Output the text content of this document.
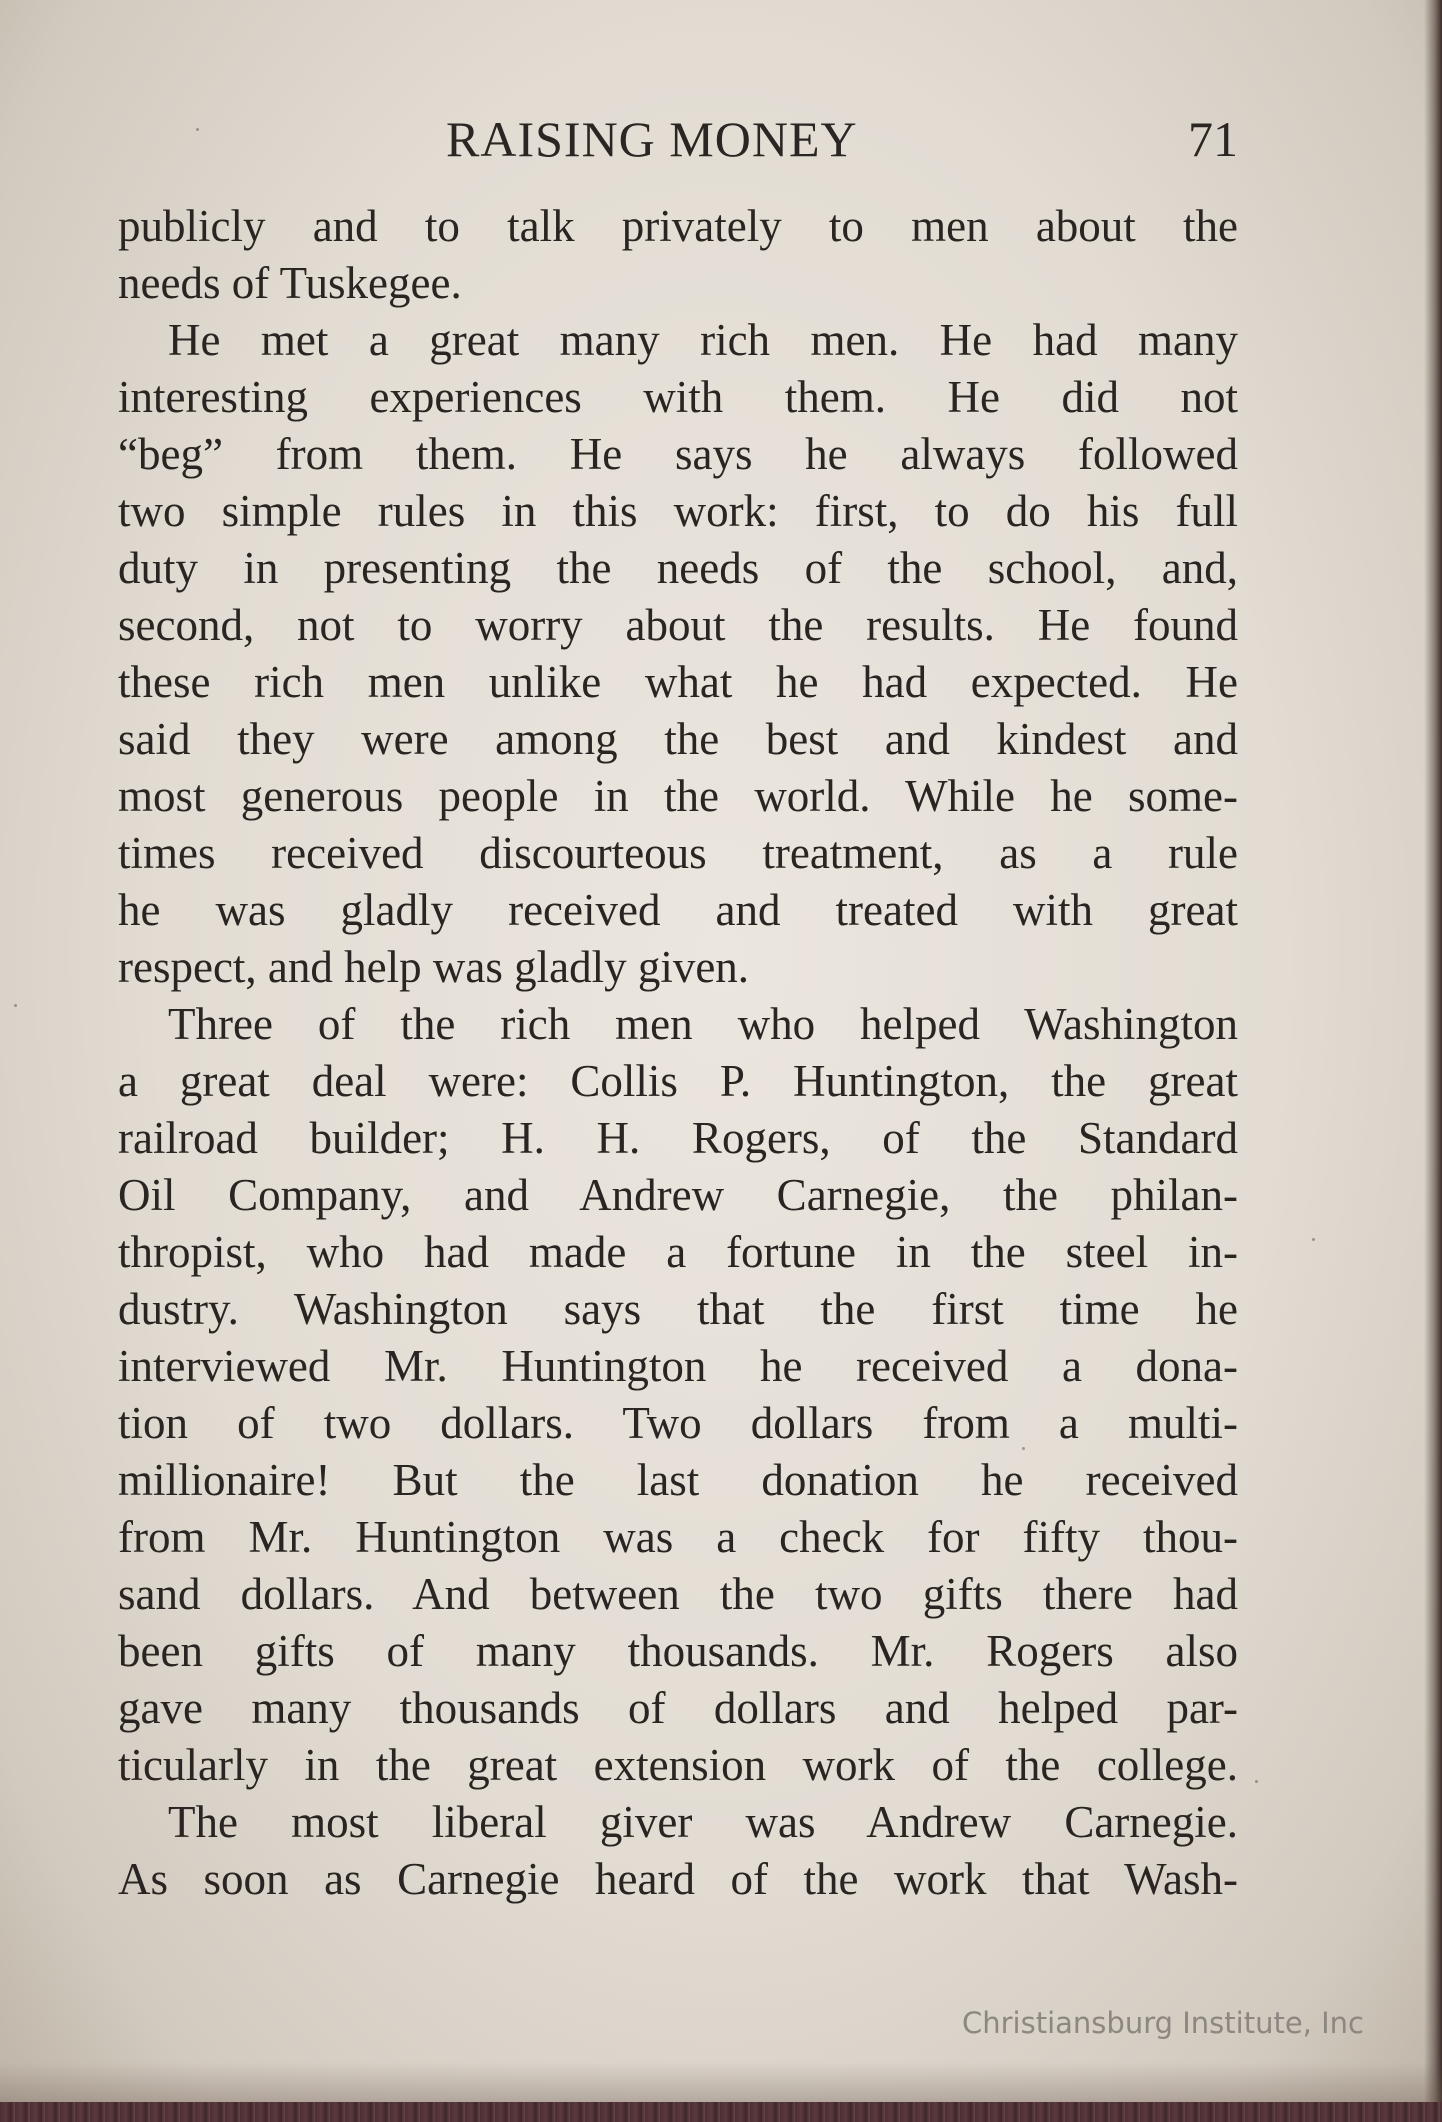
RAISING MONEY	71
publicly and to talk privately to men about the
needs of Tuskegee.
He met a great many rich men. He had many
interesting experiences with them. He did not
“beg” from them. He says he always followed
two simple rules in this work: first, to do his full
duty in presenting the needs of the school, and,
second, not to worry about the results. He found
these rich men unlike what he had expected. He
said they were among the best and kindest and
most generous people in the world. While he some-
times received discourteous treatment, as a rule
he was gladly received and treated with great
respect, and help was gladly given.
Three of the rich men who helped Washington
a great deal were: Collis P. Huntington, the great
railroad builder; H. H. Rogers, of the Standard
Oil Company, and Andrew Carnegie, the philan-
thropist, who had made a fortune in the steel in-
dustry. Washington says that the first time he
interviewed Mr. Huntington he received a dona-
tion of two dollars. Two dollars from a multi-
millionaire! But the last donation he received
from Mr. Huntington was a check for fifty thou-
sand dollars. And between the two gifts there had
been gifts of many thousands. Mr. Rogers also
gave many thousands of dollars and helped par-
ticularly in the great extension work of the college.
The most liberal giver was Andrew Carnegie.
As soon as Carnegie heard of the work that Wash-
Christiansburg Institute, Inc
